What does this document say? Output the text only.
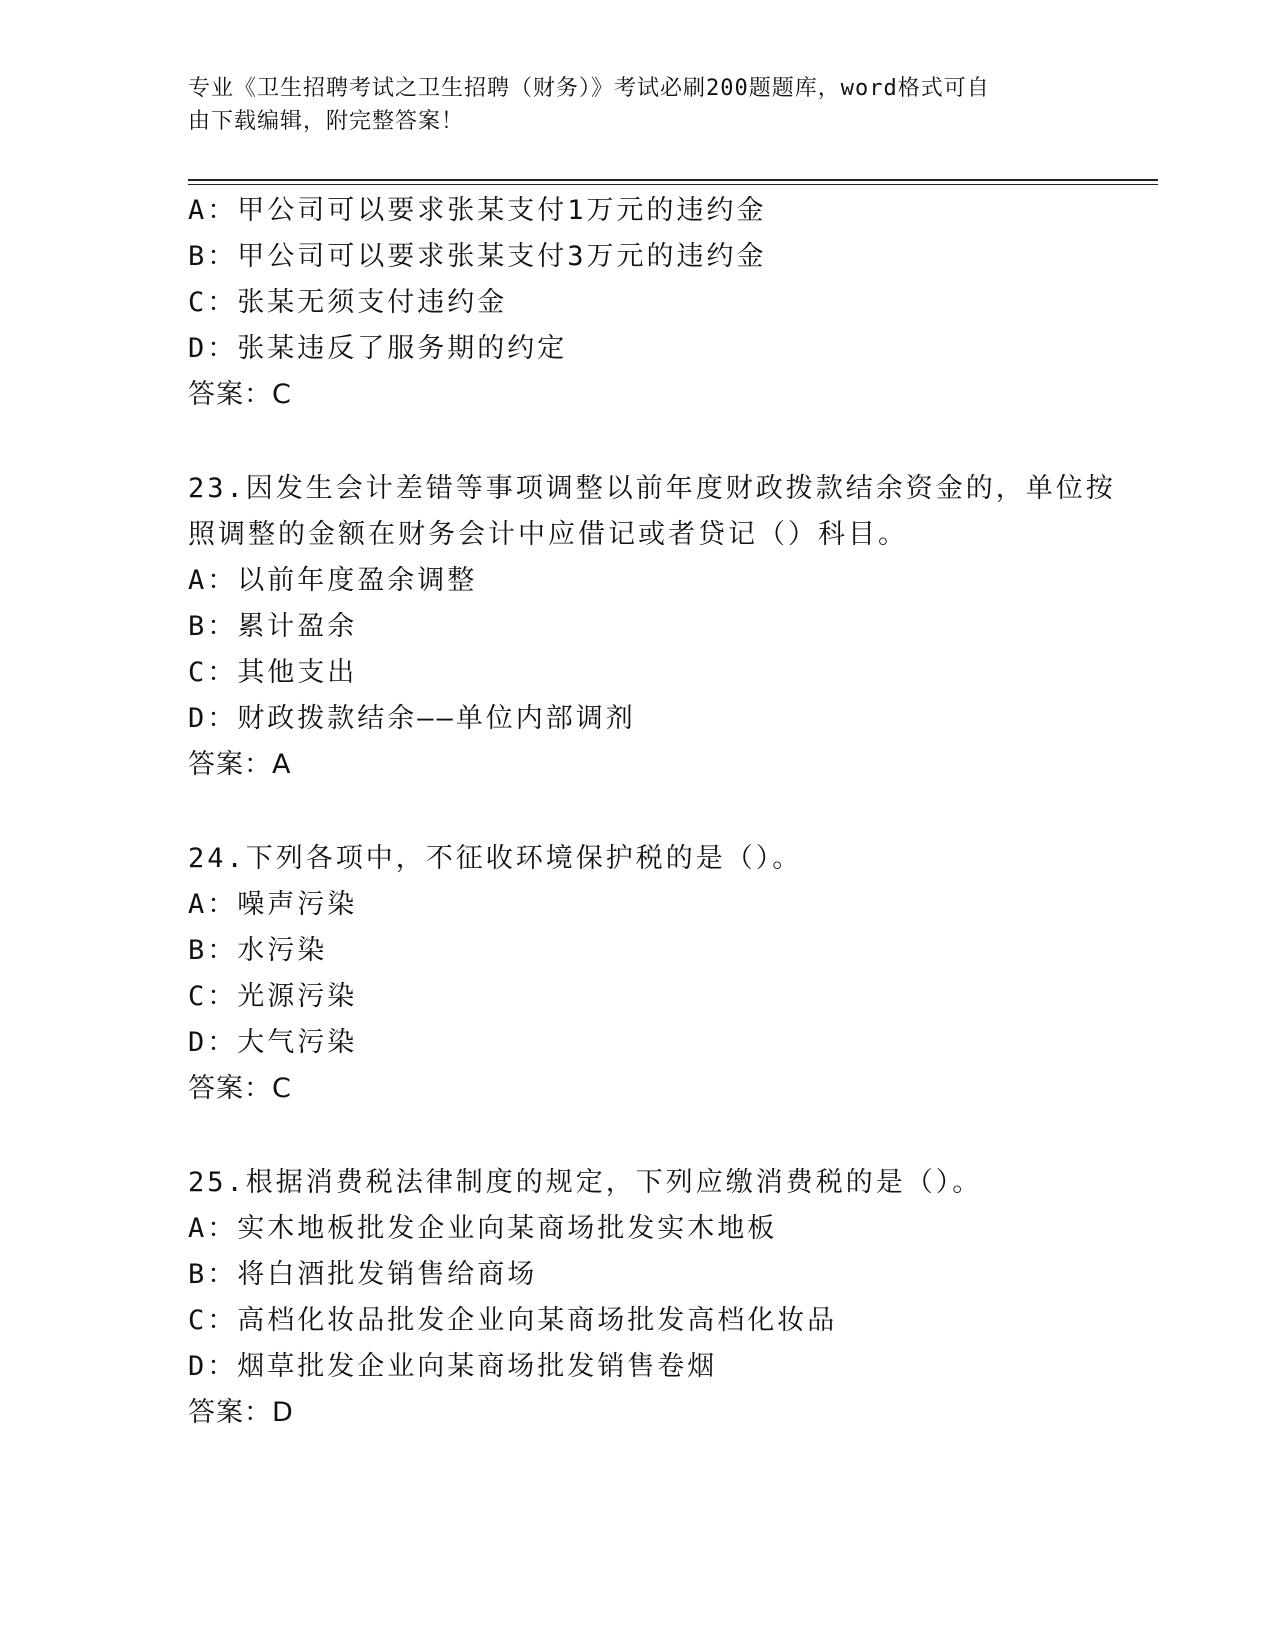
专业《卫生招聘考试之卫生招聘（财务）》考试必刷200题题库，word格式可自
由下载编辑，附完整答案！
A：甲公司可以要求张某支付1万元的违约金
B：甲公司可以要求张某支付3万元的违约金
C：张某无须支付违约金
D：张某违反了服务期的约定
答案：C
23.因发生会计差错等事项调整以前年度财政拨款结余资金的，单位按
照调整的金额在财务会计中应借记或者贷记（）科目。
A：以前年度盈余调整
B：累计盈余
C：其他支出
D：财政拨款结余——单位内部调剂
答案：A
24.下列各项中，不征收环境保护税的是（）。
A：噪声污染
B：水污染
C：光源污染
D：大气污染
答案：C
25.根据消费税法律制度的规定，下列应缴消费税的是（）。
A：实木地板批发企业向某商场批发实木地板
B：将白酒批发销售给商场
C：高档化妆品批发企业向某商场批发高档化妆品
D：烟草批发企业向某商场批发销售卷烟
答案：D
